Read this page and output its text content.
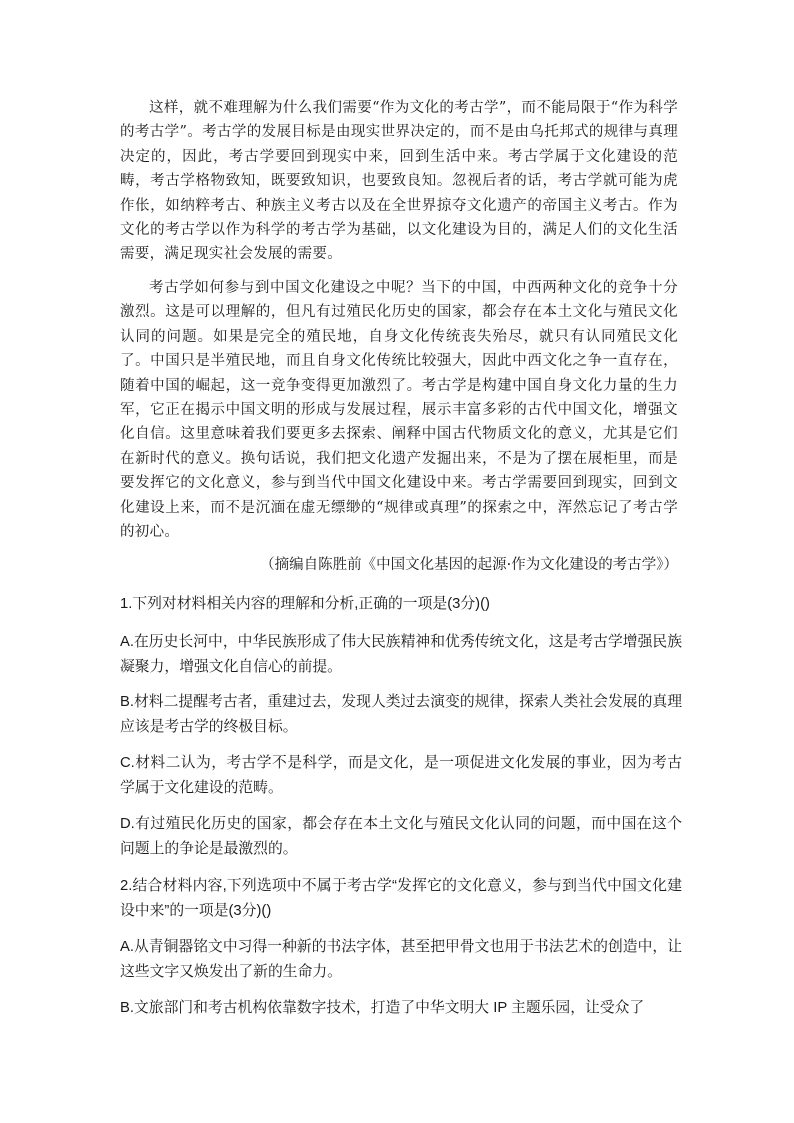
这样，就不难理解为什么我们需要“作为文化的考古学”，而不能局限于“作为科学的考古学”。考古学的发展目标是由现实世界决定的，而不是由乌托邦式的规律与真理决定的，因此，考古学要回到现实中来，回到生活中来。考古学属于文化建设的范畴，考古学格物致知，既要致知识，也要致良知。忽视后者的话，考古学就可能为虎作伥，如纳粹考古、种族主义考古以及在全世界掠夺文化遗产的帝国主义考古。作为文化的考古学以作为科学的考古学为基础，以文化建设为目的，满足人们的文化生活需要，满足现实社会发展的需要。

考古学如何参与到中国文化建设之中呢？当下的中国，中西两种文化的竞争十分激烈。这是可以理解的，但凡有过殖民化历史的国家，都会存在本土文化与殖民文化认同的问题。如果是完全的殖民地，自身文化传统丧失殆尽，就只有认同殖民文化了。中国只是半殖民地，而且自身文化传统比较强大，因此中西文化之争一直存在，随着中国的崛起，这一竞争变得更加激烈了。考古学是构建中国自身文化力量的生力军，它正在揭示中国文明的形成与发展过程，展示丰富多彩的古代中国文化，增强文化自信。这里意味着我们要更多去探索、阐释中国古代物质文化的意义，尤其是它们在新时代的意义。换句话说，我们把文化遗产发掘出来，不是为了摆在展柜里，而是要发挥它的文化意义，参与到当代中国文化建设中来。考古学需要回到现实，回到文化建设上来，而不是沉湎在虚无缥缈的“规律或真理”的探索之中，浑然忘记了考古学的初心。

（摘编自陈胜前《中国文化基因的起源·作为文化建设的考古学》）

1.下列对材料相关内容的理解和分析,正确的一项是(3分)()

A.在历史长河中，中华民族形成了伟大民族精神和优秀传统文化，这是考古学增强民族凝聚力，增强文化自信心的前提。

B.材料二提醒考古者，重建过去，发现人类过去演变的规律，探索人类社会发展的真理应该是考古学的终极目标。

C.材料二认为，考古学不是科学，而是文化，是一项促进文化发展的事业，因为考古学属于文化建设的范畴。

D.有过殖民化历史的国家，都会存在本土文化与殖民文化认同的问题，而中国在这个问题上的争论是最激烈的。

2.结合材料内容,下列选项中不属于考古学“发挥它的文化意义，参与到当代中国文化建设中来”的一项是(3分)()

A.从青铜器铭文中习得一种新的书法字体，甚至把甲骨文也用于书法艺术的创造中，让这些文字又焕发出了新的生命力。

B.文旅部门和考古机构依靠数字技术，打造了中华文明大 IP 主题乐园，让受众了
